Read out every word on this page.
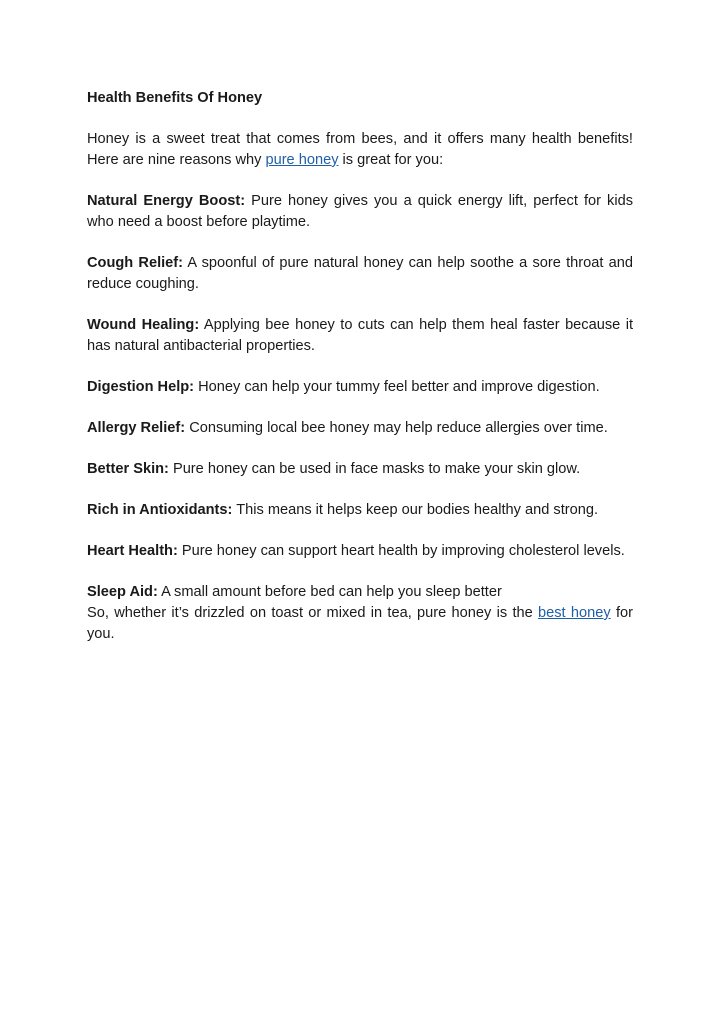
Health Benefits Of Honey

Honey is a sweet treat that comes from bees, and it offers many health benefits! Here are nine reasons why pure honey is great for you:

Natural Energy Boost: Pure honey gives you a quick energy lift, perfect for kids who need a boost before playtime.

Cough Relief: A spoonful of pure natural honey can help soothe a sore throat and reduce coughing.

Wound Healing: Applying bee honey to cuts can help them heal faster because it has natural antibacterial properties.

Digestion Help: Honey can help your tummy feel better and improve digestion.

Allergy Relief: Consuming local bee honey may help reduce allergies over time.

Better Skin: Pure honey can be used in face masks to make your skin glow.

Rich in Antioxidants: This means it helps keep our bodies healthy and strong.

Heart Health: Pure honey can support heart health by improving cholesterol levels.

Sleep Aid: A small amount before bed can help you sleep better

So, whether it’s drizzled on toast or mixed in tea, pure honey is the best honey for you.
